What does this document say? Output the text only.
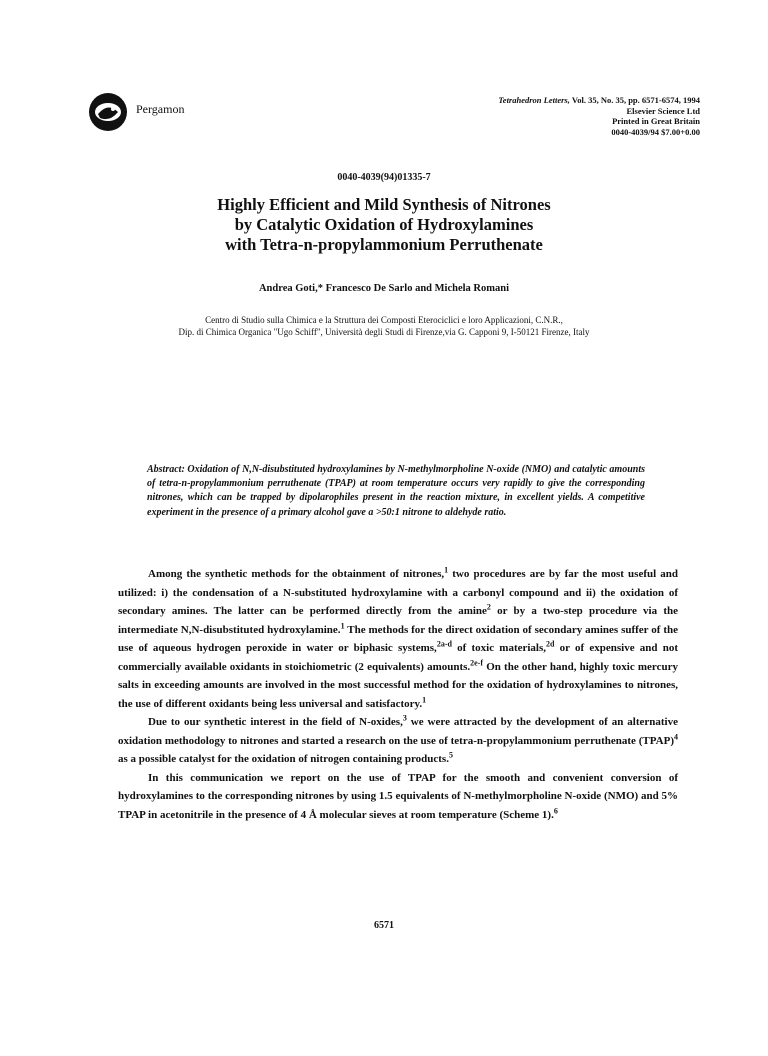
Pergamon
Tetrahedron Letters, Vol. 35, No. 35, pp. 6571-6574, 1994
Elsevier Science Ltd
Printed in Great Britain
0040-4039/94 $7.00+0.00
0040-4039(94)01335-7
Highly Efficient and Mild Synthesis of Nitrones
by Catalytic Oxidation of Hydroxylamines
with Tetra-n-propylammonium Perruthenate
Andrea Goti,* Francesco De Sarlo and Michela Romani
Centro di Studio sulla Chimica e la Struttura dei Composti Eterociclici e loro Applicazioni, C.N.R.,
Dip. di Chimica Organica "Ugo Schiff", Università degli Studi di Firenze,via G. Capponi 9, I-50121 Firenze, Italy
Abstract: Oxidation of N,N-disubstituted hydroxylamines by N-methylmorpholine N-oxide (NMO) and catalytic amounts of tetra-n-propylammonium perruthenate (TPAP) at room temperature occurs very rapidly to give the corresponding nitrones, which can be trapped by dipolarophiles present in the reaction mixture, in excellent yields. A competitive experiment in the presence of a primary alcohol gave a >50:1 nitrone to aldehyde ratio.

Among the synthetic methods for the obtainment of nitrones,$^1$ two procedures are by far the most useful and utilized: i) the condensation of a N-substituted hydroxylamine with a carbonyl compound and ii) the oxidation of secondary amines. The latter can be performed directly from the amine$^2$ or by a two-step procedure via the intermediate N,N-disubstituted hydroxylamine.$^1$ The methods for the direct oxidation of secondary amines suffer of the use of aqueous hydrogen peroxide in water or biphasic systems,$^{2a-d}$ of toxic materials,$^{2d}$ or of expensive and not commercially available oxidants in stoichiometric (2 equivalents) amounts.$^{2e-f}$ On the other hand, highly toxic mercury salts in exceeding amounts are involved in the most successful method for the oxidation of hydroxylamines to nitrones, the use of different oxidants being less universal and satisfactory.$^1$

Due to our synthetic interest in the field of N-oxides,$^3$ we were attracted by the development of an alternative oxidation methodology to nitrones and started a research on the use of tetra-n-propylammonium perruthenate (TPAP)$^4$ as a possible catalyst for the oxidation of nitrogen containing products.$^5$

In this communication we report on the use of TPAP for the smooth and convenient conversion of hydroxylamines to the corresponding nitrones by using 1.5 equivalents of N-methylmorpholine N-oxide (NMO) and 5% TPAP in acetonitrile in the presence of 4 Å molecular sieves at room temperature (Scheme 1).$^6$

6571
